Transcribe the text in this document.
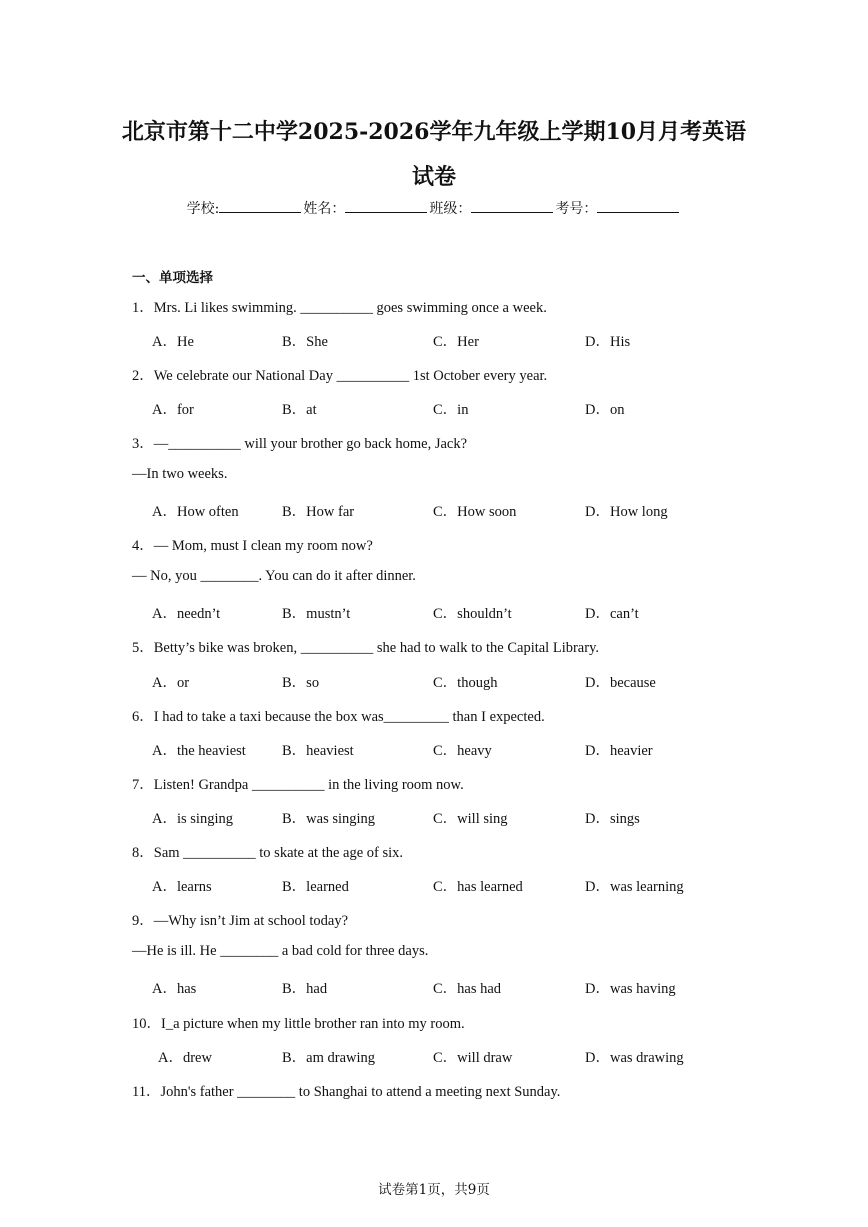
北京市第十二中学2025-2026学年九年级上学期10月月考英语
试卷
学校:	姓名：	班级：	考号：
一、单项选择
1．Mrs. Li likes swimming. __________ goes swimming once a week.
A．He	B．She	C．Her	D．His
2．We celebrate our National Day __________ 1st October every year.
A．for	B．at	C．in	D．on
3．—__________ will your brother go back home, Jack?
—In two weeks.
A．How often	B．How far	C．How soon	D．How long
4．— Mom, must I clean my room now?
— No, you ________. You can do it after dinner.
A．needn’t	B．mustn’t	C．shouldn’t	D．can’t
5．Betty’s bike was broken, __________ she had to walk to the Capital Library.
A．or	B．so	C．though	D．because
6．I had to take a taxi because the box was_________ than I expected.
A．the heaviest B．heaviest	C．heavy	D．heavier
7．Listen! Grandpa __________ in the living room now.
A．is singing	B．was singing	C．will sing	D．sings
8．Sam __________ to skate at the age of six.
A．learns	B．learned	C．has learned	D．was learning
9．—Why isn’t Jim at school today?
—He is ill. He ________ a bad cold for three days.
A．has	B．had	C．has had	D．was having
10．I_a picture when my little brother ran into my room.
A．drew	B．am drawing	C．will draw	D．was drawing
11．John's father ________ to Shanghai to attend a meeting next Sunday.
试卷第1页，共9页
